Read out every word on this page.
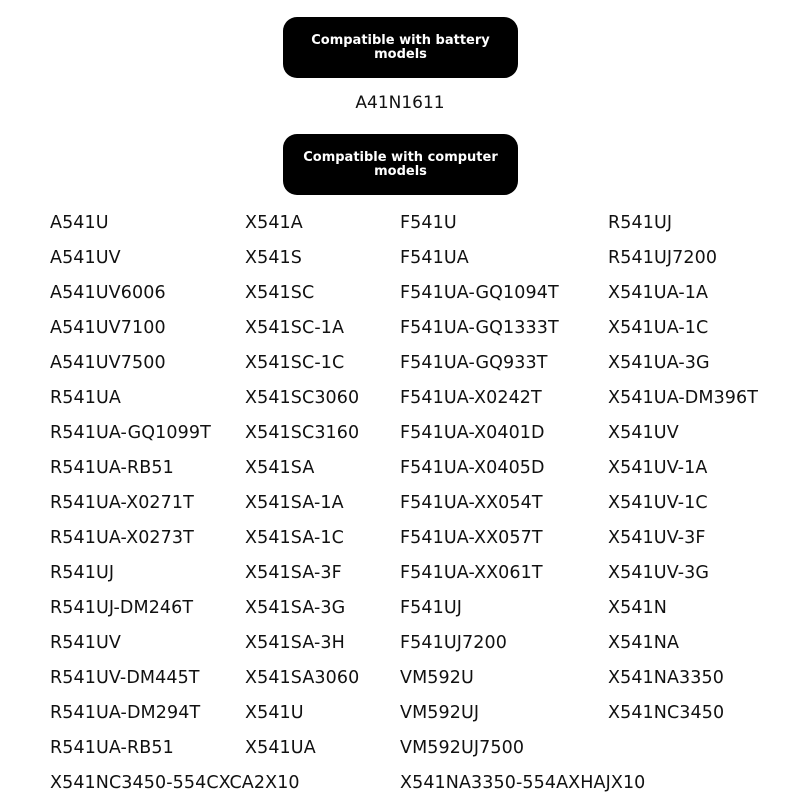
Compatible with battery models
A41N1611
Compatible with computer models
A541U	X541A	F541U	R541UJ
A541UV	X541S	F541UA	R541UJ7200
A541UV6006	X541SC	F541UA-GQ1094T	X541UA-1A
A541UV7100	X541SC-1A	F541UA-GQ1333T	X541UA-1C
A541UV7500	X541SC-1C	F541UA-GQ933T	X541UA-3G
R541UA	X541SC3060 F541UA-X0242T	X541UA-DM396T
R541UA-GQ1099T X541SC3160 F541UA-X0401D	X541UV
R541UA-RB51	X541SA	F541UA-X0405D	X541UV-1A
R541UA-X0271T	X541SA-1A	F541UA-XX054T	X541UV-1C
R541UA-X0273T	X541SA-1C	F541UA-XX057T	X541UV-3F
R541UJ	X541SA-3F	F541UA-XX061T	X541UV-3G
R541UJ-DM246T	X541SA-3G	F541UJ	X541N
R541UV	X541SA-3H	F541UJ7200	X541NA
R541UV-DM445T	X541SA3060 VM592U	X541NA3350
R541UA-DM294T	X541U	VM592UJ	X541NC3450
R541UA-RB51	X541UA	VM592UJ7500
X541NC3450-554CXCA2X10	X541NA3350-554AXHAJX10
